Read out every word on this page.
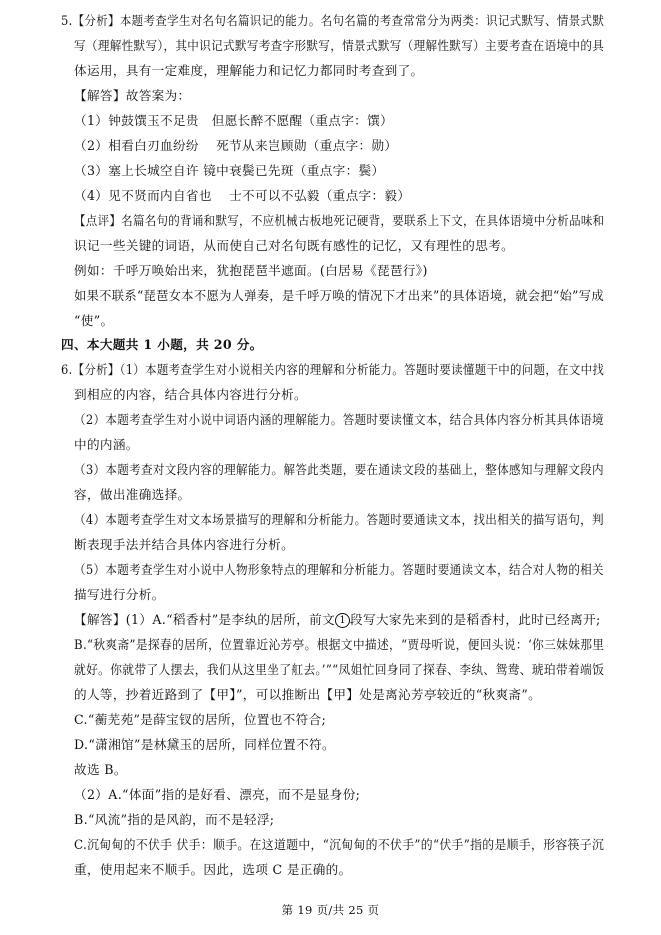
5.【分析】本题考查学生对名句名篇识记的能力。名句名篇的考查常常分为两类：识记式默写、情景式默
写（理解性默写），其中识记式默写考查字形默写，情景式默写（理解性默写）主要考查在语境中的具
体运用，具有一定难度，理解能力和记忆力都同时考查到了。
【解答】故答案为：
（1）钟鼓馔玉不足贵　但愿长醉不愿醒（重点字：馔）
（2）相看白刃血纷纷　 死节从来岂顾勋（重点字：勋）
（3）塞上长城空自许 镜中衰鬓已先斑（重点字：鬓）
（4）见不贤而内自省也　 士不可以不弘毅（重点字：毅）
【点评】名篇名句的背诵和默写，不应机械古板地死记硬背，要联系上下文，在具体语境中分析品味和
识记一些关键的词语，从而使自己对名句既有感性的记忆，又有理性的思考。
例如：千呼万唤始出来，犹抱琵琶半遮面。(白居易《琵琶行》)
如果不联系“琵琶女本不愿为人弹奏，是千呼万唤的情况下才出来”的具体语境，就会把“始”写成
“使”。
四、本大题共 1 小题，共 20 分。
6.【分析】（1）本题考查学生对小说相关内容的理解和分析能力。答题时要读懂题干中的问题，在文中找
到相应的内容，结合具体内容进行分析。
（2）本题考查学生对小说中词语内涵的理解能力。答题时要读懂文本，结合具体内容分析其具体语境
中的内涵。
（3）本题考查对文段内容的理解能力。解答此类题，要在通读文段的基础上，整体感知与理解文段内
容，做出准确选择。
（4）本题考查学生对文本场景描写的理解和分析能力。答题时要通读文本，找出相关的描写语句，判
断表现手法并结合具体内容进行分析。
（5）本题考查学生对小说中人物形象特点的理解和分析能力。答题时要通读文本，结合对人物的相关
描写进行分析。
【解答】(1）A.“稻香村”是李纨的居所，前文 1 段写大家先来到的是稻香村，此时已经离开;
B.“秋爽斋”是探春的居所，位置靠近沁芳亭。根据文中描述，“贾母听说，便回头说：‘你三妹妹那里
就好。你就带了人摆去，我们从这里坐了舡去。’”“凤姐忙回身同了探春、李纨、鸳鸯、琥珀带着端饭
的人等，抄着近路到了【甲】”，可以推断出【甲】处是离沁芳亭较近的“秋爽斋”。
C.“蘅芜苑”是薛宝钗的居所，位置也不符合;
D.“潇湘馆”是林黛玉的居所，同样位置不符。
故选 B。
（2）A.“体面”指的是好看、漂亮，而不是显身份;
B.“风流”指的是风韵，而不是轻浮;
C.沉甸甸的不伏手 伏手：顺手。在这道题中，“沉甸甸的不伏手”的“伏手”指的是顺手，形容筷子沉
重，使用起来不顺手。因此，选项 C 是正确的。
第 19 页/共 25 页
